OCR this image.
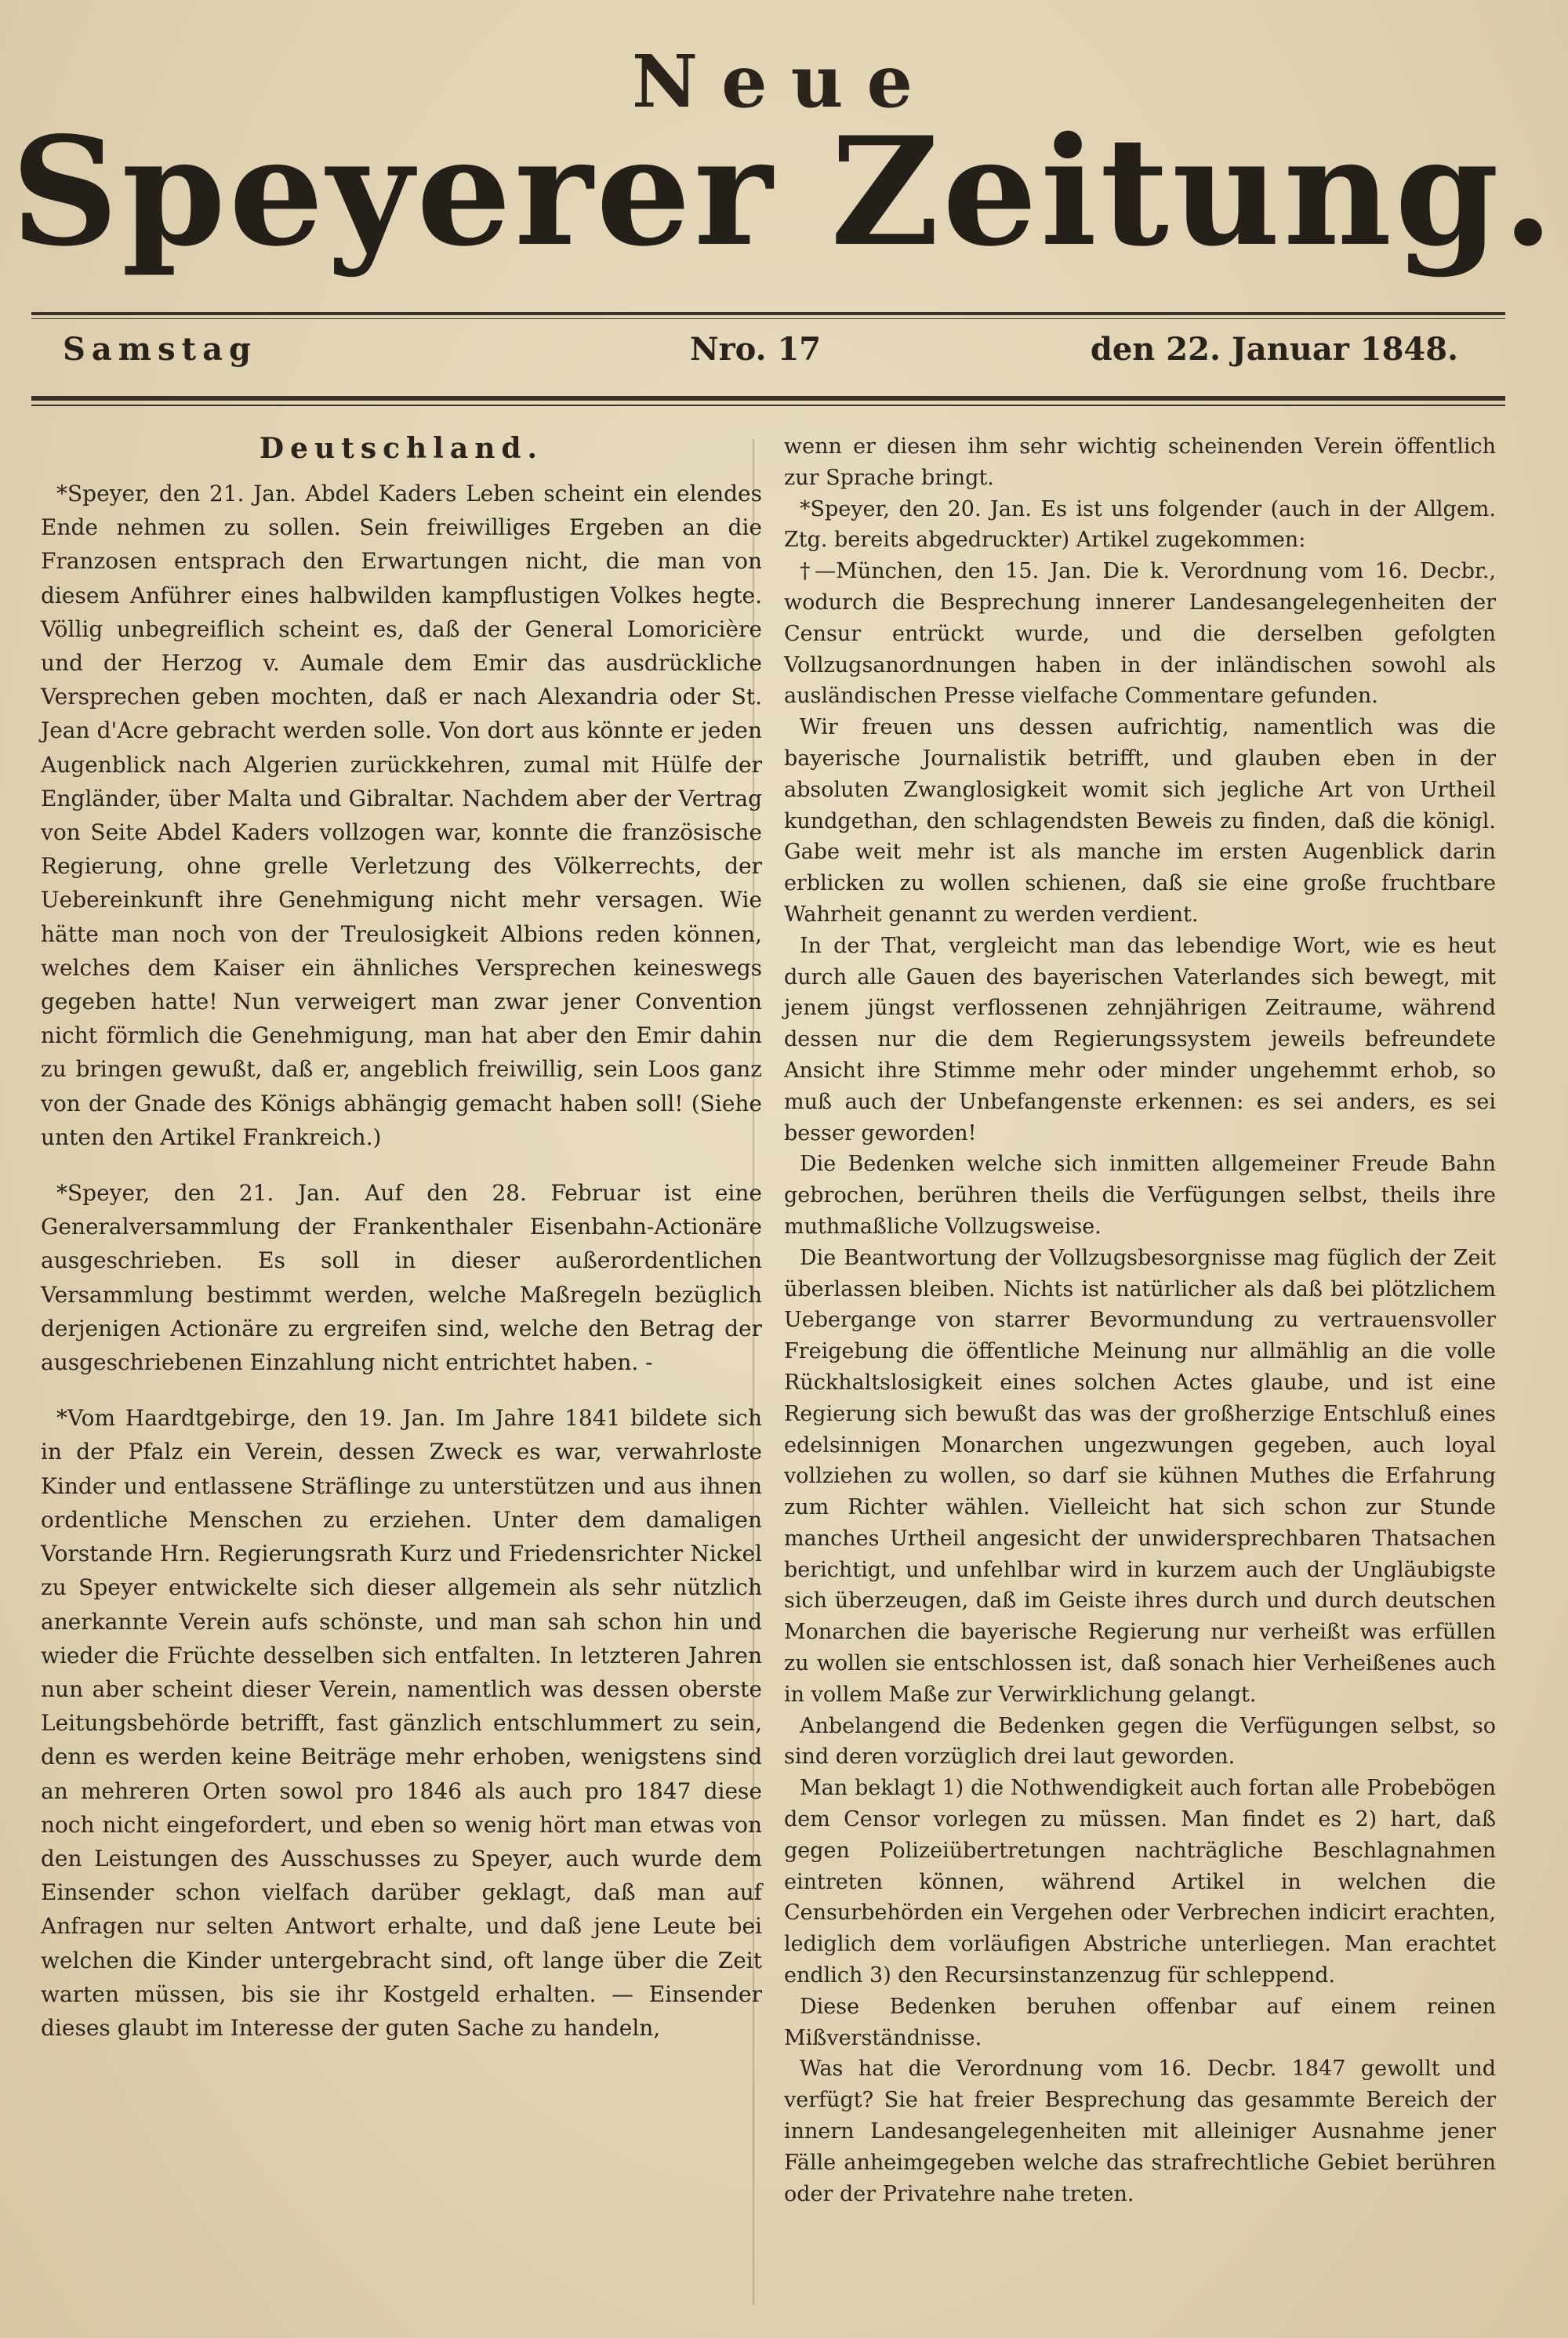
Neue
Speyerer Zeitung.
Samstag	Nro. 17	den 22. Januar 1848.
Deutschland.

*Speyer, den 21. Jan. Abdel Kaders Leben scheint ein elendes Ende nehmen zu sollen. Sein freiwilliges Ergeben an die Franzosen entsprach den Erwartungen nicht, die man von diesem Anführer eines halbwilden kampflustigen Volkes hegte. Völlig unbegreiflich scheint es, daß der General Lomoricière und der Herzog v. Aumale dem Emir das ausdrückliche Versprechen geben mochten, daß er nach Alexandria oder St. Jean d'Acre gebracht werden solle. Von dort aus könnte er jeden Augenblick nach Algerien zurückkehren, zumal mit Hülfe der Engländer, über Malta und Gibraltar. Nachdem aber der Vertrag von Seite Abdel Kaders vollzogen war, konnte die französische Regierung, ohne grelle Verletzung des Völkerrechts, der Uebereinkunft ihre Genehmigung nicht mehr versagen. Wie hätte man noch von der Treulosigkeit Albions reden können, welches dem Kaiser ein ähnliches Versprechen keineswegs gegeben hatte! Nun verweigert man zwar jener Convention nicht förmlich die Genehmigung, man hat aber den Emir dahin zu bringen gewußt, daß er, angeblich freiwillig, sein Loos ganz von der Gnade des Königs abhängig gemacht haben soll! (Siehe unten den Artikel Frankreich.)

*Speyer, den 21. Jan. Auf den 28. Februar ist eine Generalversammlung der Frankenthaler Eisenbahn-Actionäre ausgeschrieben. Es soll in dieser außerordentlichen Versammlung bestimmt werden, welche Maßregeln bezüglich derjenigen Actionäre zu ergreifen sind, welche den Betrag der ausgeschriebenen Einzahlung nicht entrichtet haben. -

*Vom Haardtgebirge, den 19. Jan. Im Jahre 1841 bildete sich in der Pfalz ein Verein, dessen Zweck es war, verwahrloste Kinder und entlassene Sträflinge zu unterstützen und aus ihnen ordentliche Menschen zu erziehen. Unter dem damaligen Vorstande Hrn. Regierungsrath Kurz und Friedensrichter Nickel zu Speyer entwickelte sich dieser allgemein als sehr nützlich anerkannte Verein aufs schönste, und man sah schon hin und wieder die Früchte desselben sich entfalten. In letzteren Jahren nun aber scheint dieser Verein, namentlich was dessen oberste Leitungsbehörde betrifft, fast gänzlich entschlummert zu sein, denn es werden keine Beiträge mehr erhoben, wenigstens sind an mehreren Orten sowol pro 1846 als auch pro 1847 diese noch nicht eingefordert, und eben so wenig hört man etwas von den Leistungen des Ausschusses zu Speyer, auch wurde dem Einsender schon vielfach darüber geklagt, daß man auf Anfragen nur selten Antwort erhalte, und daß jene Leute bei welchen die Kinder untergebracht sind, oft lange über die Zeit warten müssen, bis sie ihr Kostgeld erhalten. — Einsender dieses glaubt im Interesse der guten Sache zu handeln,

wenn er diesen ihm sehr wichtig scheinenden Verein öffentlich zur Sprache bringt.

*Speyer, den 20. Jan. Es ist uns folgender (auch in der Allgem. Ztg. bereits abgedruckter) Artikel zugekommen:

†—München, den 15. Jan. Die k. Verordnung vom 16. Decbr., wodurch die Besprechung innerer Landesangelegenheiten der Censur entrückt wurde, und die derselben gefolgten Vollzugsanordnungen haben in der inländischen sowohl als ausländischen Presse vielfache Commentare gefunden.

Wir freuen uns dessen aufrichtig, namentlich was die bayerische Journalistik betrifft, und glauben eben in der absoluten Zwanglosigkeit womit sich jegliche Art von Urtheil kundgethan, den schlagendsten Beweis zu finden, daß die königl. Gabe weit mehr ist als manche im ersten Augenblick darin erblicken zu wollen schienen, daß sie eine große fruchtbare Wahrheit genannt zu werden verdient.

In der That, vergleicht man das lebendige Wort, wie es heut durch alle Gauen des bayerischen Vaterlandes sich bewegt, mit jenem jüngst verflossenen zehnjährigen Zeitraume, während dessen nur die dem Regierungssystem jeweils befreundete Ansicht ihre Stimme mehr oder minder ungehemmt erhob, so muß auch der Unbefangenste erkennen: es sei anders, es sei besser geworden!

Die Bedenken welche sich inmitten allgemeiner Freude Bahn gebrochen, berühren theils die Verfügungen selbst, theils ihre muthmaßliche Vollzugsweise.

Die Beantwortung der Vollzugsbesorgnisse mag füglich der Zeit überlassen bleiben. Nichts ist natürlicher als daß bei plötzlichem Uebergange von starrer Bevormundung zu vertrauensvoller Freigebung die öffentliche Meinung nur allmählig an die volle Rückhaltslosigkeit eines solchen Actes glaube, und ist eine Regierung sich bewußt das was der großherzige Entschluß eines edelsinnigen Monarchen ungezwungen gegeben, auch loyal vollziehen zu wollen, so darf sie kühnen Muthes die Erfahrung zum Richter wählen. Vielleicht hat sich schon zur Stunde manches Urtheil angesicht der unwidersprechbaren Thatsachen berichtigt, und unfehlbar wird in kurzem auch der Ungläubigste sich überzeugen, daß im Geiste ihres durch und durch deutschen Monarchen die bayerische Regierung nur verheißt was erfüllen zu wollen sie entschlossen ist, daß sonach hier Verheißenes auch in vollem Maße zur Verwirklichung gelangt.

Anbelangend die Bedenken gegen die Verfügungen selbst, so sind deren vorzüglich drei laut geworden.

Man beklagt 1) die Nothwendigkeit auch fortan alle Probebögen dem Censor vorlegen zu müssen. Man findet es 2) hart, daß gegen Polizeiübertretungen nachträgliche Beschlagnahmen eintreten können, während Artikel in welchen die Censurbehörden ein Vergehen oder Verbrechen indicirt erachten, lediglich dem vorläufigen Abstriche unterliegen. Man erachtet endlich 3) den Recursinstanzenzug für schleppend.

Diese Bedenken beruhen offenbar auf einem reinen Mißverständnisse.

Was hat die Verordnung vom 16. Decbr. 1847 gewollt und verfügt? Sie hat freier Besprechung das gesammte Bereich der innern Landesangelegenheiten mit alleiniger Ausnahme jener Fälle anheimgegeben welche das strafrechtliche Gebiet berühren oder der Privatehre nahe treten.
